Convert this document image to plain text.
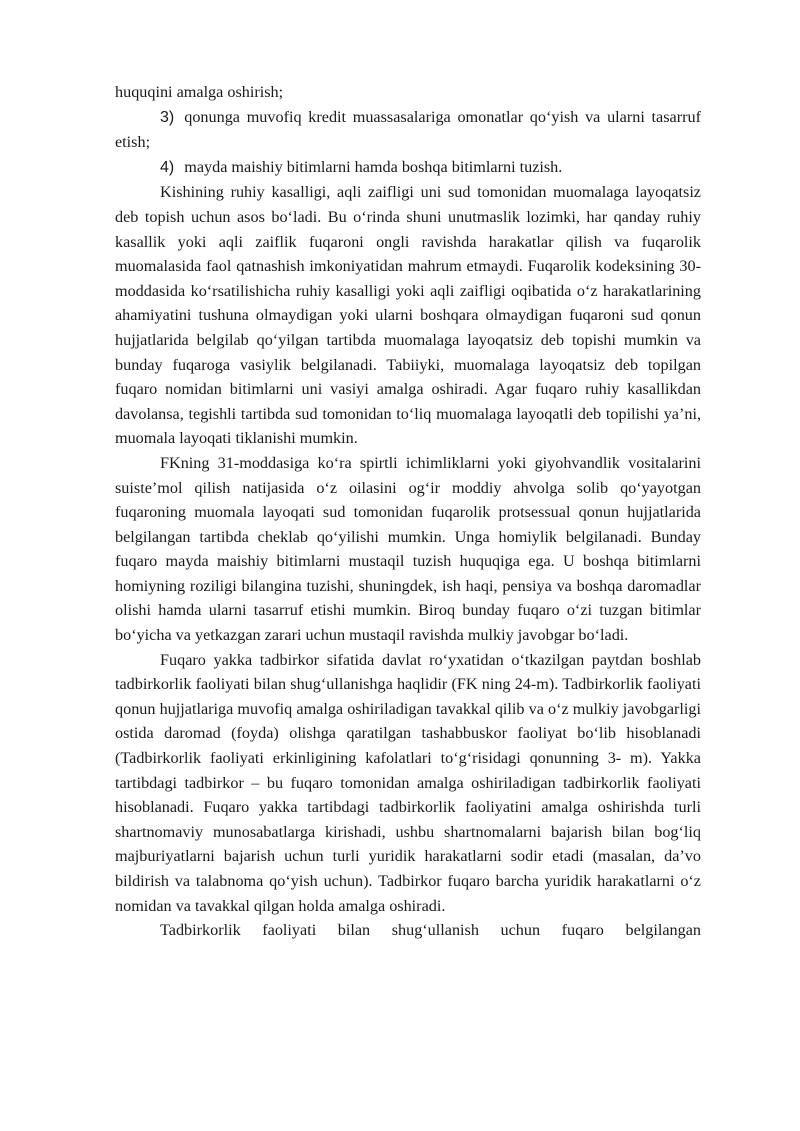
huquqini amalga oshirish;

3) qonunga muvofiq kredit muassasalariga omonatlar qo‘yish va ularni tasarruf etish;

4) mayda maishiy bitimlarni hamda boshqa bitimlarni tuzish.

Kishining ruhiy kasalligi, aqli zaifligi uni sud tomonidan muomalaga layoqatsiz deb topish uchun asos bo‘ladi. Bu o‘rinda shuni unutmaslik lozimki, har qanday ruhiy kasallik yoki aqli zaiflik fuqaroni ongli ravishda harakatlar qilish va fuqarolik muomalasida faol qatnashish imkoniyatidan mahrum etmaydi. Fuqarolik kodeksining 30-moddasida ko‘rsatilishicha ruhiy kasalligi yoki aqli zaifligi oqibatida o‘z harakatlarining ahamiyatini tushuna olmaydigan yoki ularni boshqara olmaydigan fuqaroni sud qonun hujjatlarida belgilab qo‘yilgan tartibda muomalaga layoqatsiz deb topishi mumkin va bunday fuqaroga vasiylik belgilanadi. Tabiiyki, muomalaga layoqatsiz deb topilgan fuqaro nomidan bitimlarni uni vasiyi amalga oshiradi. Agar fuqaro ruhiy kasallikdan davolansa, tegishli tartibda sud tomonidan to‘liq muomalaga layoqatli deb topilishi ya’ni, muomala layoqati tiklanishi mumkin.

FKning 31-moddasiga ko‘ra spirtli ichimliklarni yoki giyohvandlik vositalarini suiste’mol qilish natijasida o‘z oilasini og‘ir moddiy ahvolga solib qo‘yayotgan fuqaroning muomala layoqati sud tomonidan fuqarolik protsessual qonun hujjatlarida belgilangan tartibda cheklab qo‘yilishi mumkin. Unga homiylik belgilanadi. Bunday fuqaro mayda maishiy bitimlarni mustaqil tuzish huquqiga ega. U boshqa bitimlarni homiyning roziligi bilangina tuzishi, shuningdek, ish haqi, pensiya va boshqa daromadlar olishi hamda ularni tasarruf etishi mumkin. Biroq bunday fuqaro o‘zi tuzgan bitimlar bo‘yicha va yetkazgan zarari uchun mustaqil ravishda mulkiy javobgar bo‘ladi.

Fuqaro yakka tadbirkor sifatida davlat ro‘yxatidan o‘tkazilgan paytdan boshlab tadbirkorlik faoliyati bilan shug‘ullanishga haqlidir (FK ning 24-m). Tadbirkorlik faoliyati qonun hujjatlariga muvofiq amalga oshiriladigan tavakkal qilib va o‘z mulkiy javobgarligi ostida daromad (foyda) olishga qaratilgan tashabbuskor faoliyat bo‘lib hisoblanadi (Tadbirkorlik faoliyati erkinligining kafolatlari to‘g‘risidagi qonunning 3- m). Yakka tartibdagi tadbirkor – bu fuqaro tomonidan amalga oshiriladigan tadbirkorlik faoliyati hisoblanadi. Fuqaro yakka tartibdagi tadbirkorlik faoliyatini amalga oshirishda turli shartnomaviy munosabatlarga kirishadi, ushbu shartnomalarni bajarish bilan bog‘liq majburiyatlarni bajarish uchun turli yuridik harakatlarni sodir etadi (masalan, da’vo bildirish va talabnoma qo‘yish uchun). Tadbirkor fuqaro barcha yuridik harakatlarni o‘z nomidan va tavakkal qilgan holda amalga oshiradi.

Tadbirkorlik faoliyati bilan shug‘ullanish uchun fuqaro belgilangan
